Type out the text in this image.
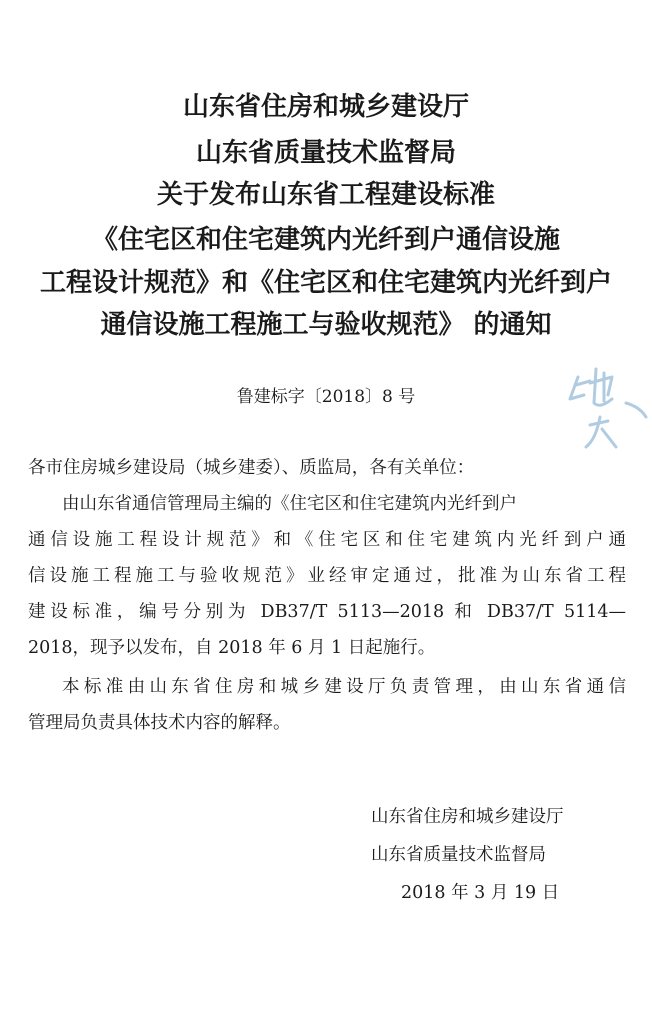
山东省住房和城乡建设厅
山东省质量技术监督局
关于发布山东省工程建设标准
《住宅区和住宅建筑内光纤到户通信设施
工程设计规范》和《住宅区和住宅建筑内光纤到户
通信设施工程施工与验收规范》 的通知
鲁建标字〔2018〕8 号
各市住房城乡建设局（城乡建委）、质监局，各有关单位：
由山东省通信管理局主编的《住宅区和住宅建筑内光纤到户
通信设施工程设计规范》和《住宅区和住宅建筑内光纤到户通
信设施工程施工与验收规范》业经审定通过，批准为山东省工程
建设标准，编号分别为 DB37/T 5113—2018 和 DB37/T 5114—
2018，现予以发布，自 2018 年 6 月 1 日起施行。
本标准由山东省住房和城乡建设厅负责管理，由山东省通信
管理局负责具体技术内容的解释。
山东省住房和城乡建设厅
山东省质量技术监督局
2018 年 3 月 19 日
